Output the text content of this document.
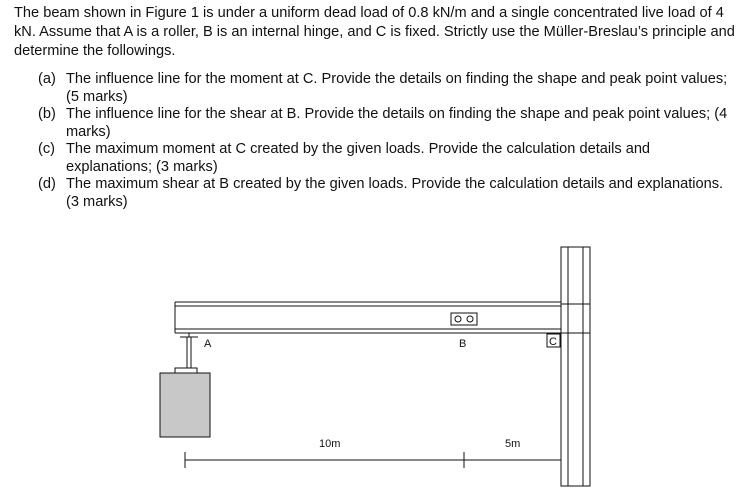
The beam shown in Figure 1 is under a uniform dead load of 0.8 kN/m and a single concentrated live load of 4 kN. Assume that A is a roller, B is an internal hinge, and C is fixed. Strictly use the Müller-Breslau’s principle and determine the followings.

(a) The influence line for the moment at C. Provide the details on finding the shape and peak point values; (5 marks)
(b) The influence line for the shear at B. Provide the details on finding the shape and peak point values; (4 marks)
(c) The maximum moment at C created by the given loads. Provide the calculation details and explanations; (3 marks)
(d) The maximum shear at B created by the given loads. Provide the calculation details and explanations. (3 marks)
A	B	C
10m	5m
